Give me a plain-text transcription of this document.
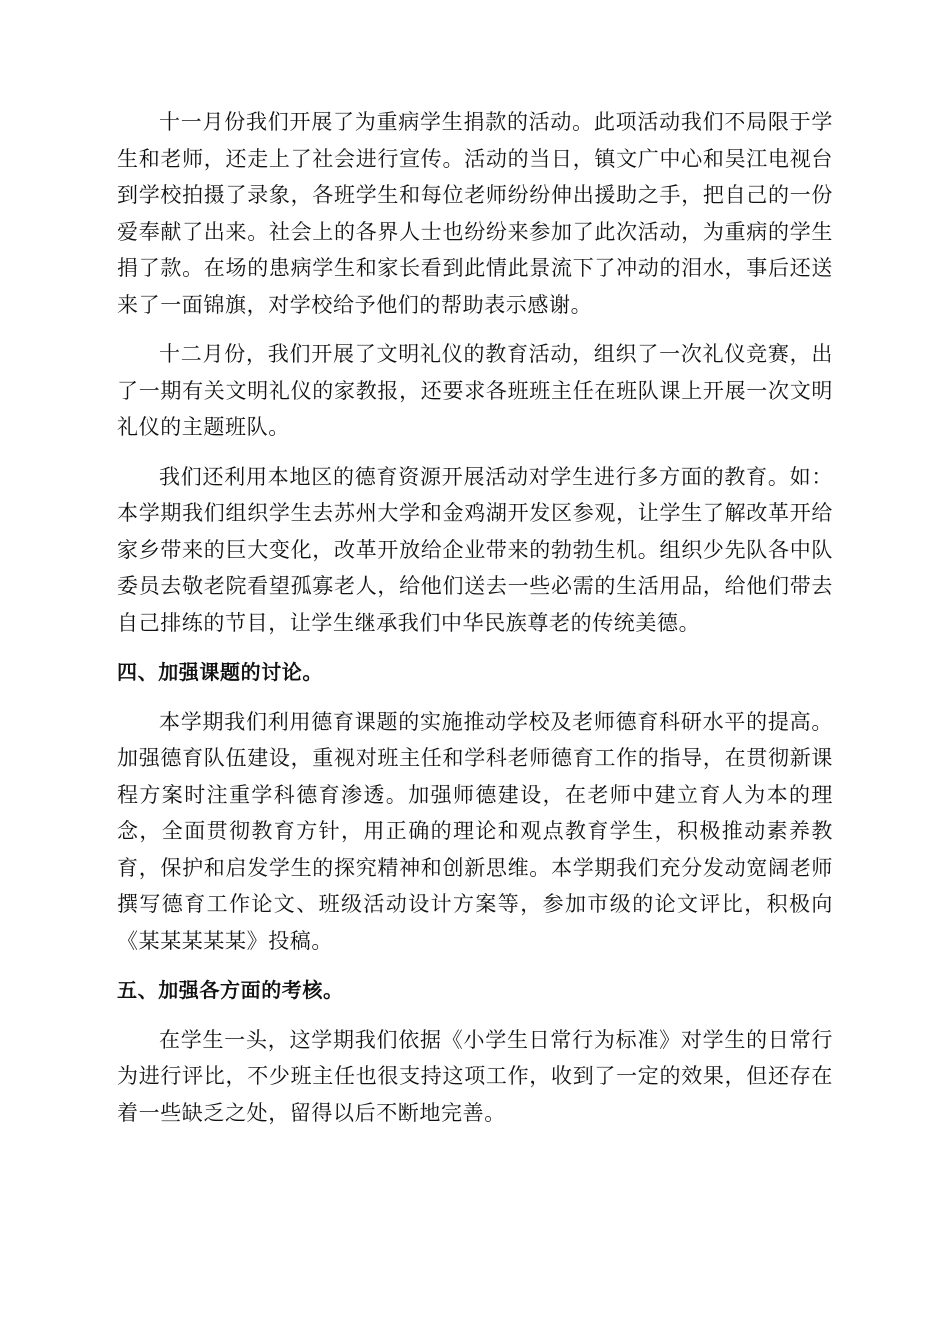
十一月份我们开展了为重病学生捐款的活动。此项活动我们不局限于学生和老师，还走上了社会进行宣传。活动的当日，镇文广中心和吴江电视台到学校拍摄了录象，各班学生和每位老师纷纷伸出援助之手，把自己的一份爱奉献了出来。社会上的各界人士也纷纷来参加了此次活动，为重病的学生捐了款。在场的患病学生和家长看到此情此景流下了冲动的泪水，事后还送来了一面锦旗，对学校给予他们的帮助表示感谢。

十二月份，我们开展了文明礼仪的教育活动，组织了一次礼仪竞赛，出了一期有关文明礼仪的家教报，还要求各班班主任在班队课上开展一次文明礼仪的主题班队。

我们还利用本地区的德育资源开展活动对学生进行多方面的教育。如：本学期我们组织学生去苏州大学和金鸡湖开发区参观，让学生了解改革开给家乡带来的巨大变化，改革开放给企业带来的勃勃生机。组织少先队各中队委员去敬老院看望孤寡老人，给他们送去一些必需的生活用品，给他们带去自己排练的节目，让学生继承我们中华民族尊老的传统美德。

四、加强课题的讨论。

本学期我们利用德育课题的实施推动学校及老师德育科研水平的提高。加强德育队伍建设，重视对班主任和学科老师德育工作的指导，在贯彻新课程方案时注重学科德育渗透。加强师德建设，在老师中建立育人为本的理念，全面贯彻教育方针，用正确的理论和观点教育学生，积极推动素养教育，保护和启发学生的探究精神和创新思维。本学期我们充分发动宽阔老师撰写德育工作论文、班级活动设计方案等，参加市级的论文评比，积极向《某某某某某》投稿。

五、加强各方面的考核。

在学生一头，这学期我们依据《小学生日常行为标准》对学生的日常行为进行评比，不少班主任也很支持这项工作，收到了一定的效果，但还存在着一些缺乏之处，留得以后不断地完善。
